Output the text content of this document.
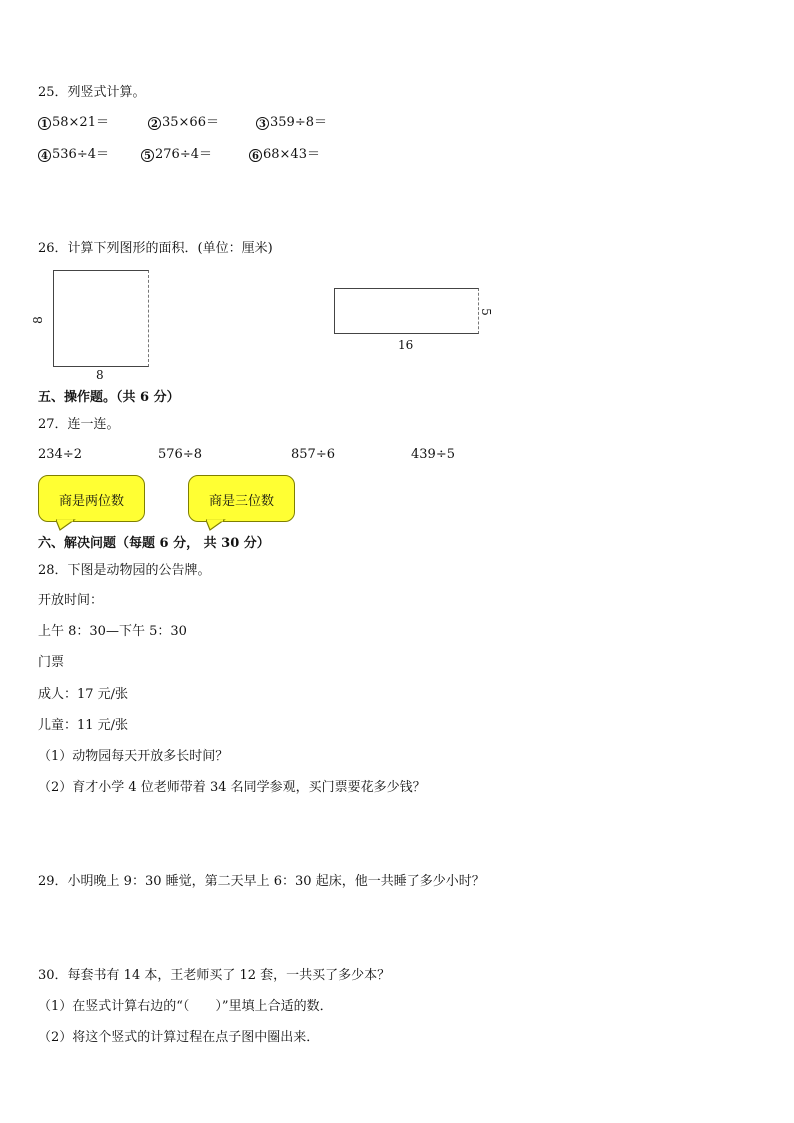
25．列竖式计算。
1 58×21＝	2 35×66＝	3 359÷8＝
4 536÷4＝	5 276÷4＝	6 68×43＝
26．计算下列图形的面积．(单位：厘米)
8
8
5
16
五、操作题。（共 6 分）
27．连一连。
234÷2	576÷8	857÷6	439÷5
商是两位数	商是三位数
六、解决问题（每题 6 分， 共 30 分）
28．下图是动物园的公告牌。
开放时间：
上午 8：30—下午 5：30
门票
成人：17 元/张
儿童：11 元/张
（1）动物园每天开放多长时间？
（2）育才小学 4 位老师带着 34 名同学参观，买门票要花多少钱？
29．小明晚上 9：30 睡觉，第二天早上 6：30 起床，他一共睡了多少小时？
30．每套书有 14 本，王老师买了 12 套，一共买了多少本？
（1）在竖式计算右边的“（　　）”里填上合适的数．
（2）将这个竖式的计算过程在点子图中圈出来．
